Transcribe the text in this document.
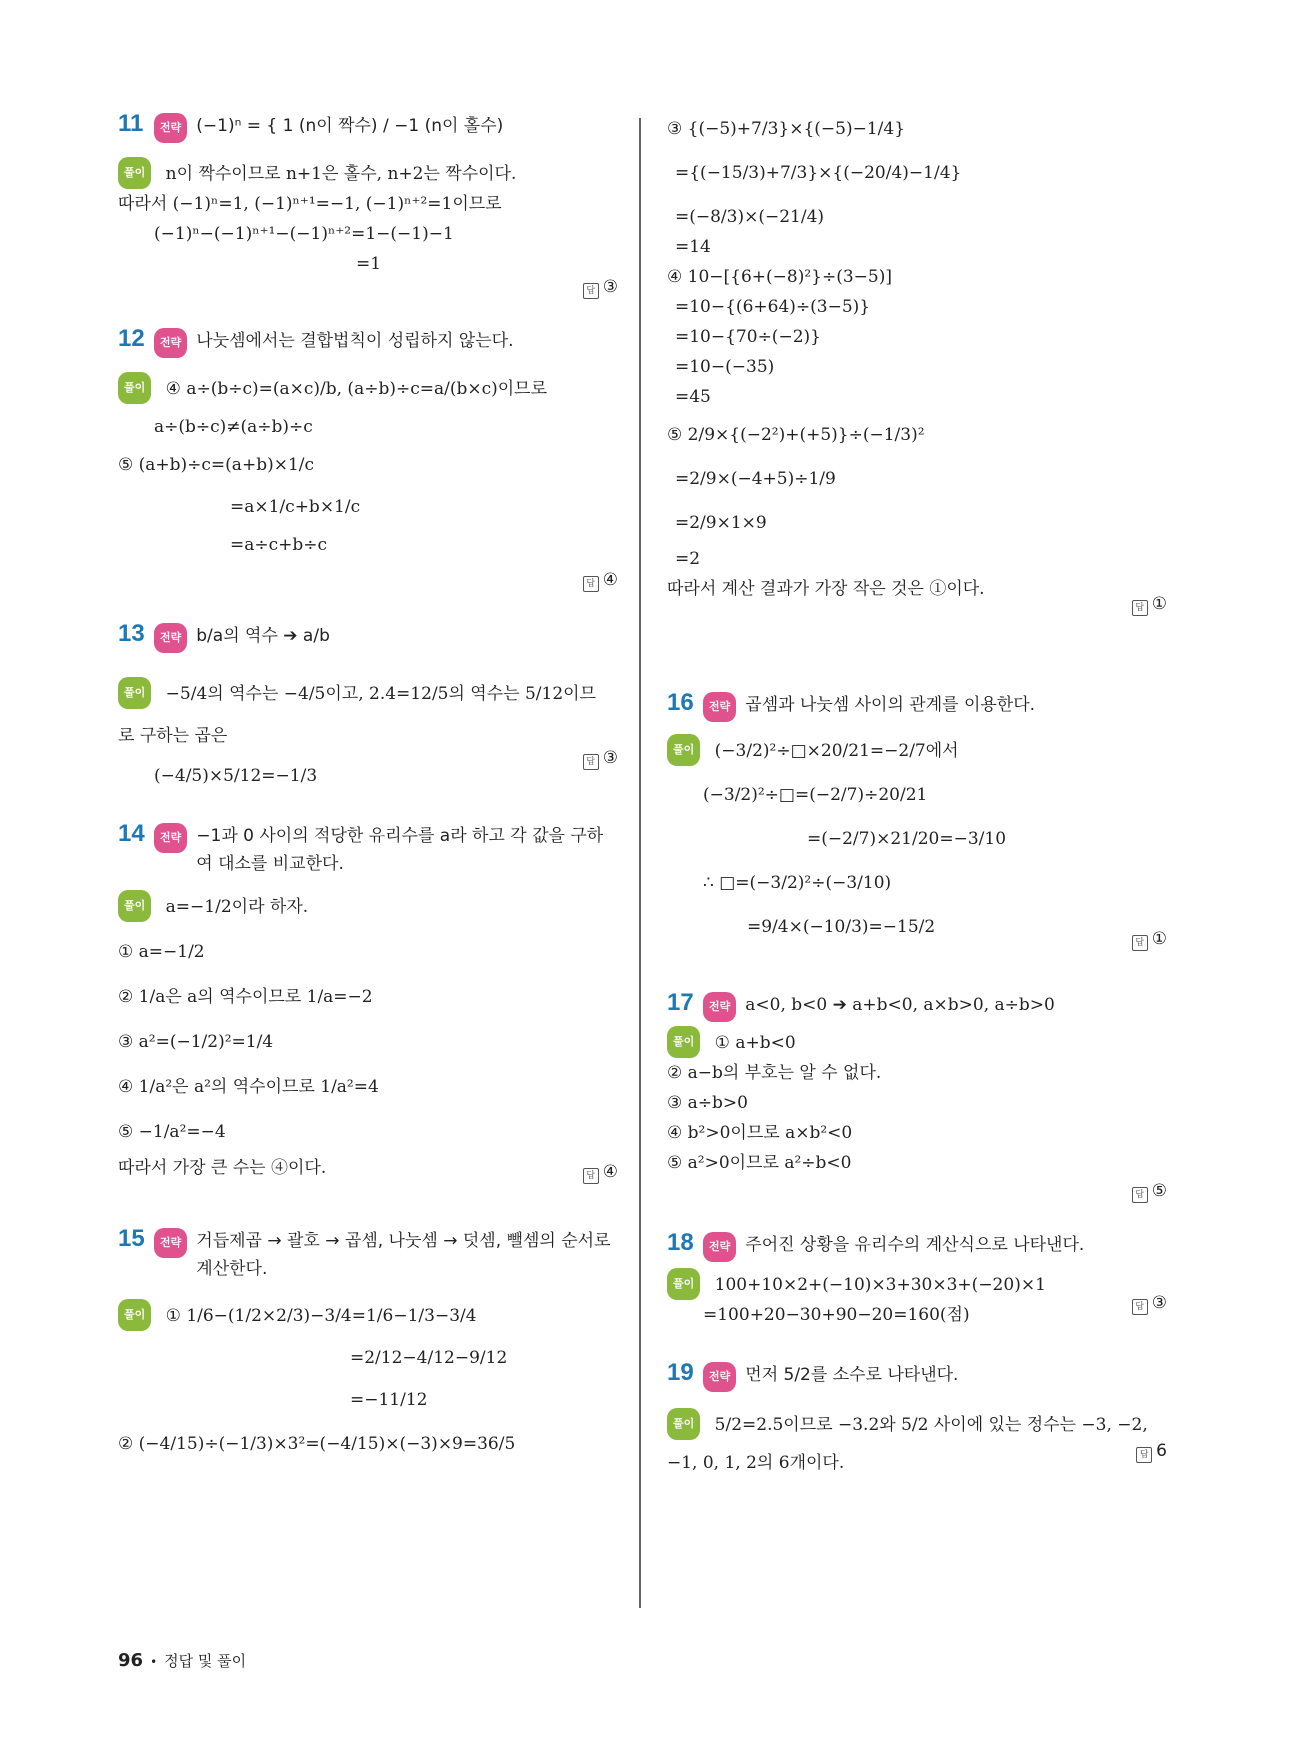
11	전략 (−1)ⁿ = { 1 (n이 짝수) / −1 (n이 홀수)
풀이 n이 짝수이므로 n+1은 홀수, n+2는 짝수이다.
따라서 (−1)ⁿ=1, (−1)ⁿ⁺¹=−1, (−1)ⁿ⁺²=1이므로
(−1)ⁿ−(−1)ⁿ⁺¹−(−1)ⁿ⁺²=1−(−1)−1
=1
답 ③
12	전략 나눗셈에서는 결합법칙이 성립하지 않는다.
풀이 ④ a÷(b÷c)=(a×c)/b, (a÷b)÷c=a/(b×c)이므로
a÷(b÷c)≠(a÷b)÷c
⑤ (a+b)÷c=(a+b)×1/c
=a×1/c+b×1/c
=a÷c+b÷c
답 ④
13	전략 b/a의 역수 ➔ a/b
풀이 −5/4의 역수는 −4/5이고, 2.4=12/5의 역수는 5/12이므
로 구하는 곱은
(−4/5)×5/12=−1/3
답 ③
14	전략 −1과 0 사이의 적당한 유리수를 a라 하고 각 값을 구하여 대소를 비교한다.
풀이 a=−1/2이라 하자.
① a=−1/2
② 1/a은 a의 역수이므로 1/a=−2
③ a²=(−1/2)²=1/4
④ 1/a²은 a²의 역수이므로 1/a²=4
⑤ −1/a²=−4
따라서 가장 큰 수는 ④이다.	답 ④
15	전략 거듭제곱 → 괄호 → 곱셈, 나눗셈 → 덧셈, 뺄셈의 순서로 계산한다.
풀이 ① 1/6−(1/2×2/3)−3/4=1/6−1/3−3/4
=2/12−4/12−9/12
=−11/12
② (−4/15)÷(−1/3)×3²=(−4/15)×(−3)×9=36/5
③ {(−5)+7/3}×{(−5)−1/4}
={(−15/3)+7/3}×{(−20/4)−1/4}
=(−8/3)×(−21/4)
=14
④ 10−[{6+(−8)²}÷(3−5)]
=10−{(6+64)÷(3−5)}
=10−{70÷(−2)}
=10−(−35)
=45
⑤ 2/9×{(−2²)+(+5)}÷(−1/3)²
=2/9×(−4+5)÷1/9
=2/9×1×9
=2
따라서 계산 결과가 가장 작은 것은 ①이다.
답 ①
16	전략 곱셈과 나눗셈 사이의 관계를 이용한다.
풀이 (−3/2)²÷□×20/21=−2/7에서
(−3/2)²÷□=(−2/7)÷20/21
=(−2/7)×21/20=−3/10
∴ □=(−3/2)²÷(−3/10)
=9/4×(−10/3)=−15/2
답 ①
17	전략 a<0, b<0 ➔ a+b<0, a×b>0, a÷b>0
풀이 ① a+b<0
② a−b의 부호는 알 수 없다.
③ a÷b>0
④ b²>0이므로 a×b²<0
⑤ a²>0이므로 a²÷b<0
답 ⑤
18	전략 주어진 상황을 유리수의 계산식으로 나타낸다.
풀이 100+10×2+(−10)×3+30×3+(−20)×1
=100+20−30+90−20=160(점)	답 ③
19	전략 먼저 5/2를 소수로 나타낸다.
풀이 5/2=2.5이므로 −3.2와 5/2 사이에 있는 정수는 −3, −2,
−1, 0, 1, 2의 6개이다.	답 6
96 • 정답 및 풀이
